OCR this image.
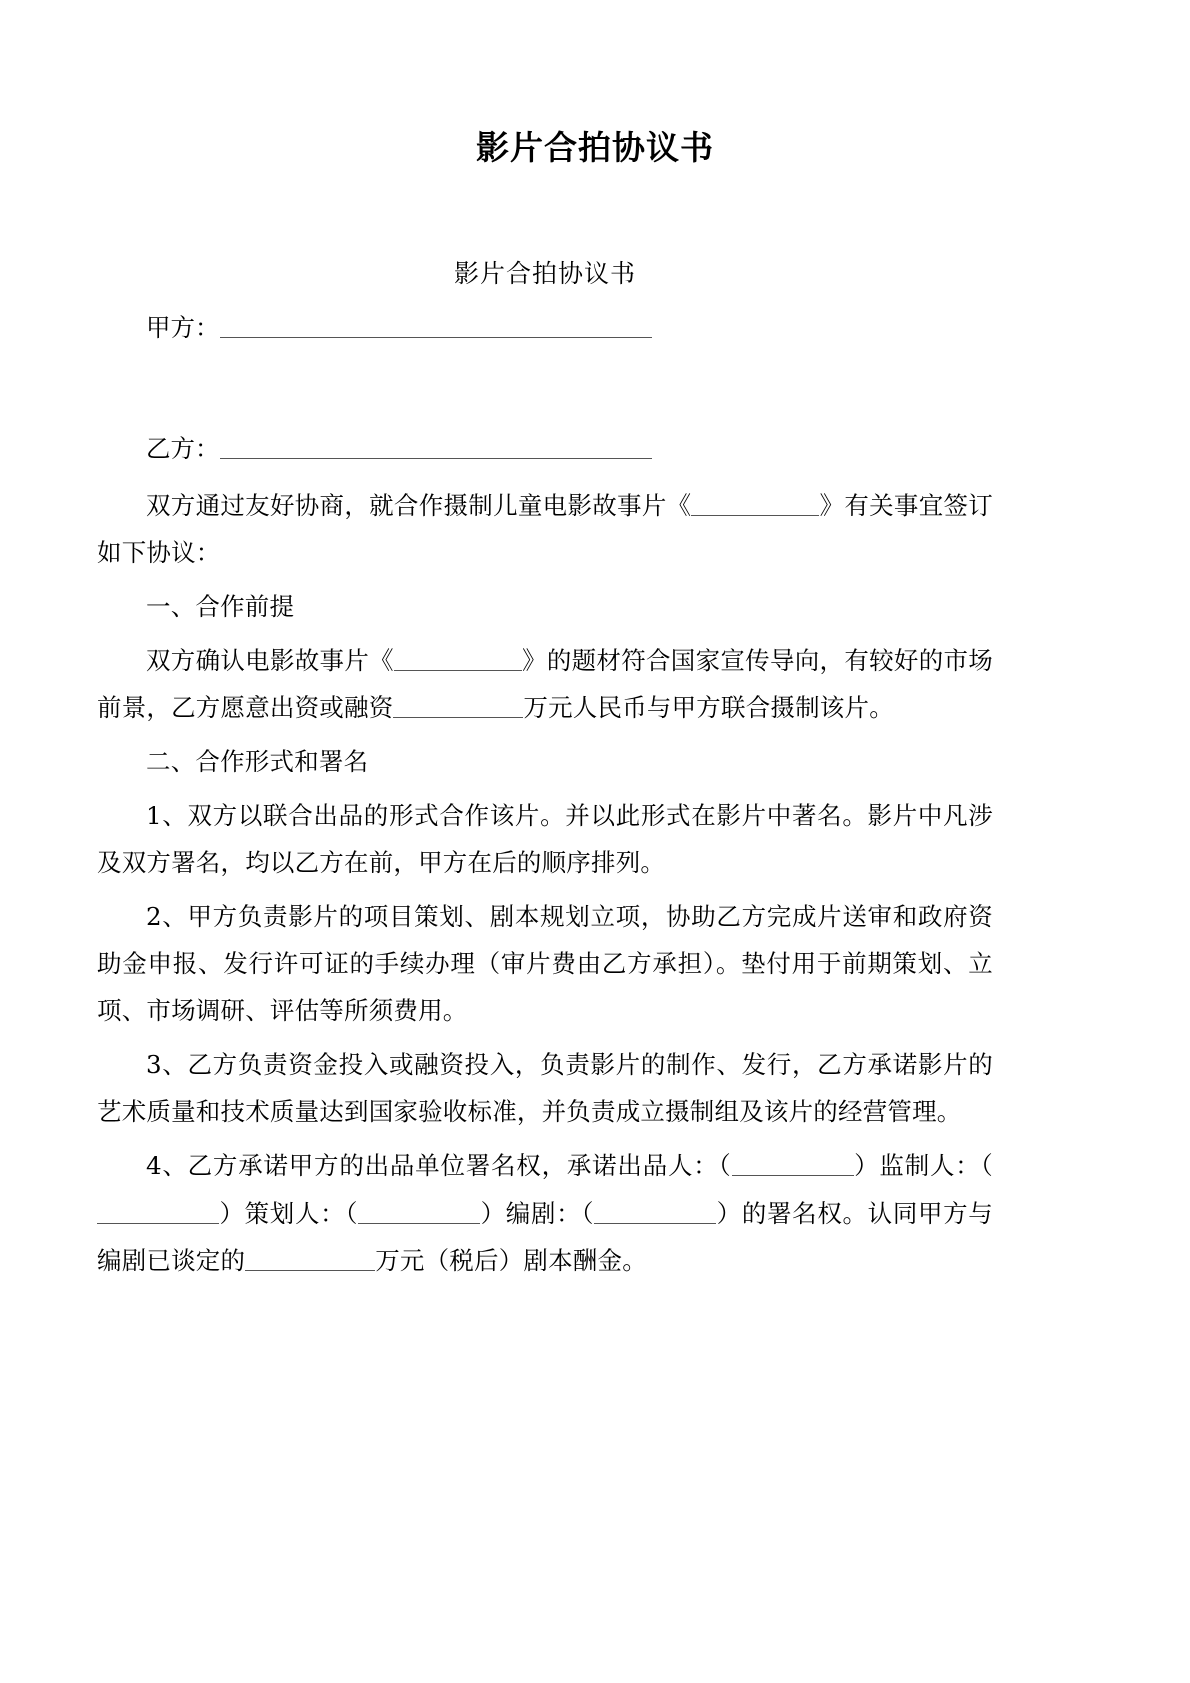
影片合拍协议书
影片合拍协议书

甲方：

乙方：

双方通过友好协商，就合作摄制儿童电影故事片《	》有关事宜签订如下协议：

一、合作前提

双方确认电影故事片《	》的题材符合国家宣传导向，有较好的市场前景，乙方愿意出资或融资	万元人民币与甲方联合摄制该片。

二、合作形式和署名

1、双方以联合出品的形式合作该片。并以此形式在影片中著名。影片中凡涉及双方署名，均以乙方在前，甲方在后的顺序排列。

2、甲方负责影片的项目策划、剧本规划立项，协助乙方完成片送审和政府资助金申报、发行许可证的手续办理（审片费由乙方承担）。垫付用于前期策划、立项、市场调研、评估等所须费用。

3、乙方负责资金投入或融资投入，负责影片的制作、发行，乙方承诺影片的艺术质量和技术质量达到国家验收标准，并负责成立摄制组及该片的经营管理。

4、乙方承诺甲方的出品单位署名权，承诺出品人：（	）监制人：（）策划人：（	）编剧：（	）的署名权。认同甲方与编剧已谈定的	万元（税后）剧本酬金。
